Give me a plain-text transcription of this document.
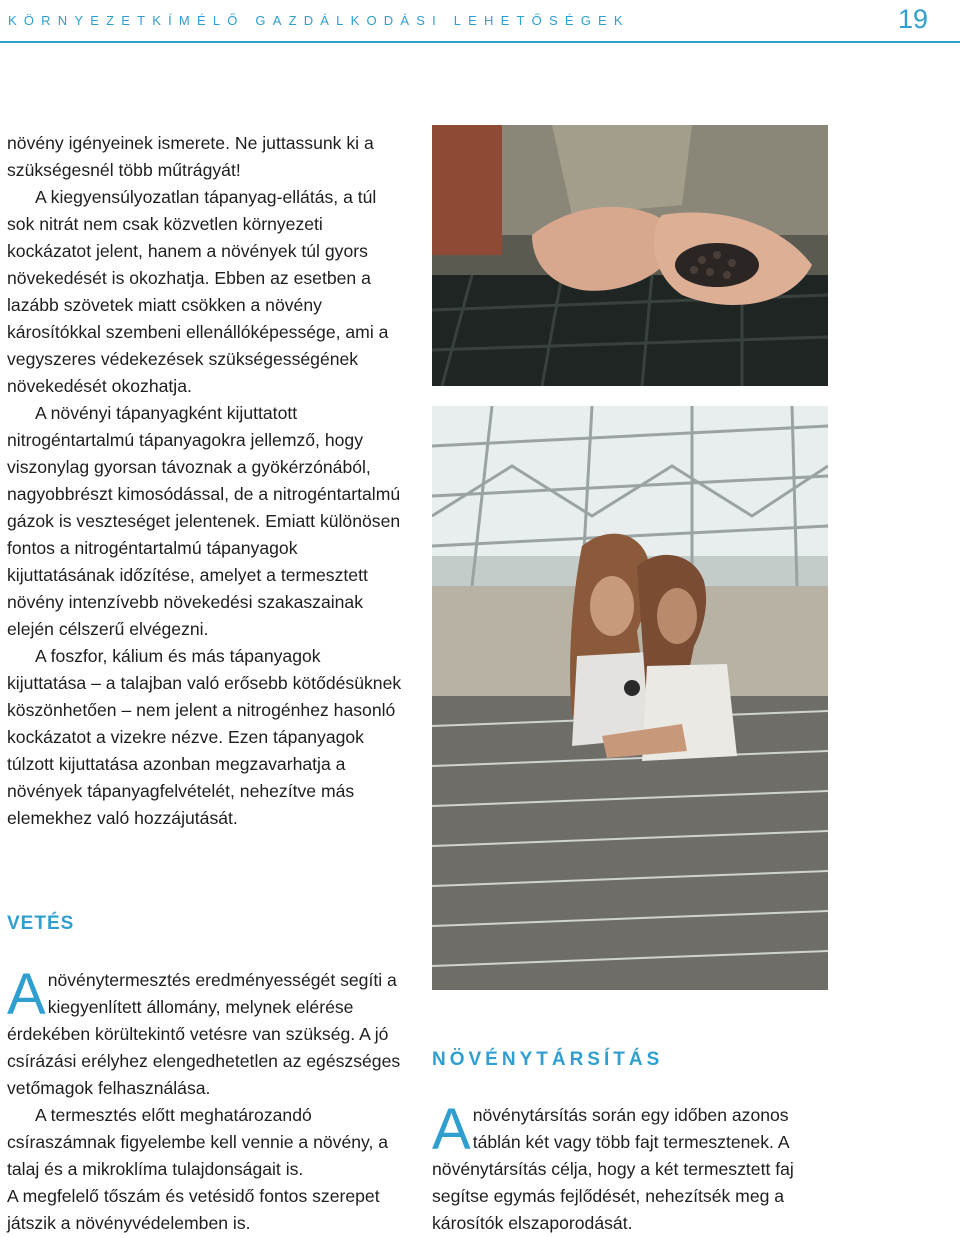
KÖRNYEZETKÍMÉLŐ GAZDÁLKODÁSI LEHETŐSÉGEK	19

növény igényeinek ismerete. Ne juttassunk ki a szükségesnél több műtrágyát!

A kiegyensúlyozatlan tápanyag-ellátás, a túl sok nitrát nem csak közvetlen környezeti kockázatot jelent, hanem a növények túl gyors növekedését is okozhatja. Ebben az esetben a lazább szövetek miatt csökken a növény károsítókkal szembeni ellenállóképessége, ami a vegyszeres védekezések szükségességének növekedését okozhatja.

A növényi tápanyagként kijuttatott nitrogéntartalmú tápanyagokra jellemző, hogy viszonylag gyorsan távoznak a gyökérzónából, nagyobbrészt kimosódással, de a nitrogéntartalmú gázok is veszteséget jelentenek. Emiatt különösen fontos a nitrogéntartalmú tápanyagok kijuttatásának időzítése, amelyet a termesztett növény intenzívebb növekedési szakaszainak elején célszerű elvégezni.

A foszfor, kálium és más tápanyagok kijuttatása – a talajban való erősebb kötődésüknek köszönhetően – nem jelent a nitrogénhez hasonló kockázatot a vizekre nézve. Ezen tápanyagok túlzott kijuttatása azonban megzavarhatja a növények tápanyagfelvételét, nehezítve más elemekhez való hozzájutását.

VETÉS

Anövénytermesztés eredményességét segíti a kiegyenlített állomány, melynek elérése érdekében körültekintő vetésre van szükség. A jó csírázási erélyhez elengedhetetlen az egészséges vetőmagok felhasználása.

A termesztés előtt meghatározandó csíraszámnak figyelembe kell vennie a növény, a talaj és a mikroklíma tulajdonságait is.

A megfelelő tőszám és vetésidő fontos szerepet játszik a növényvédelemben is.

NÖVÉNYTÁRSÍTÁS

Anövénytársítás során egy időben azonos táblán két vagy több fajt termesztenek. A növénytársítás célja, hogy a két termesztett faj segítse egymás fejlődését, nehezítsék meg a károsítók elszaporodását.
